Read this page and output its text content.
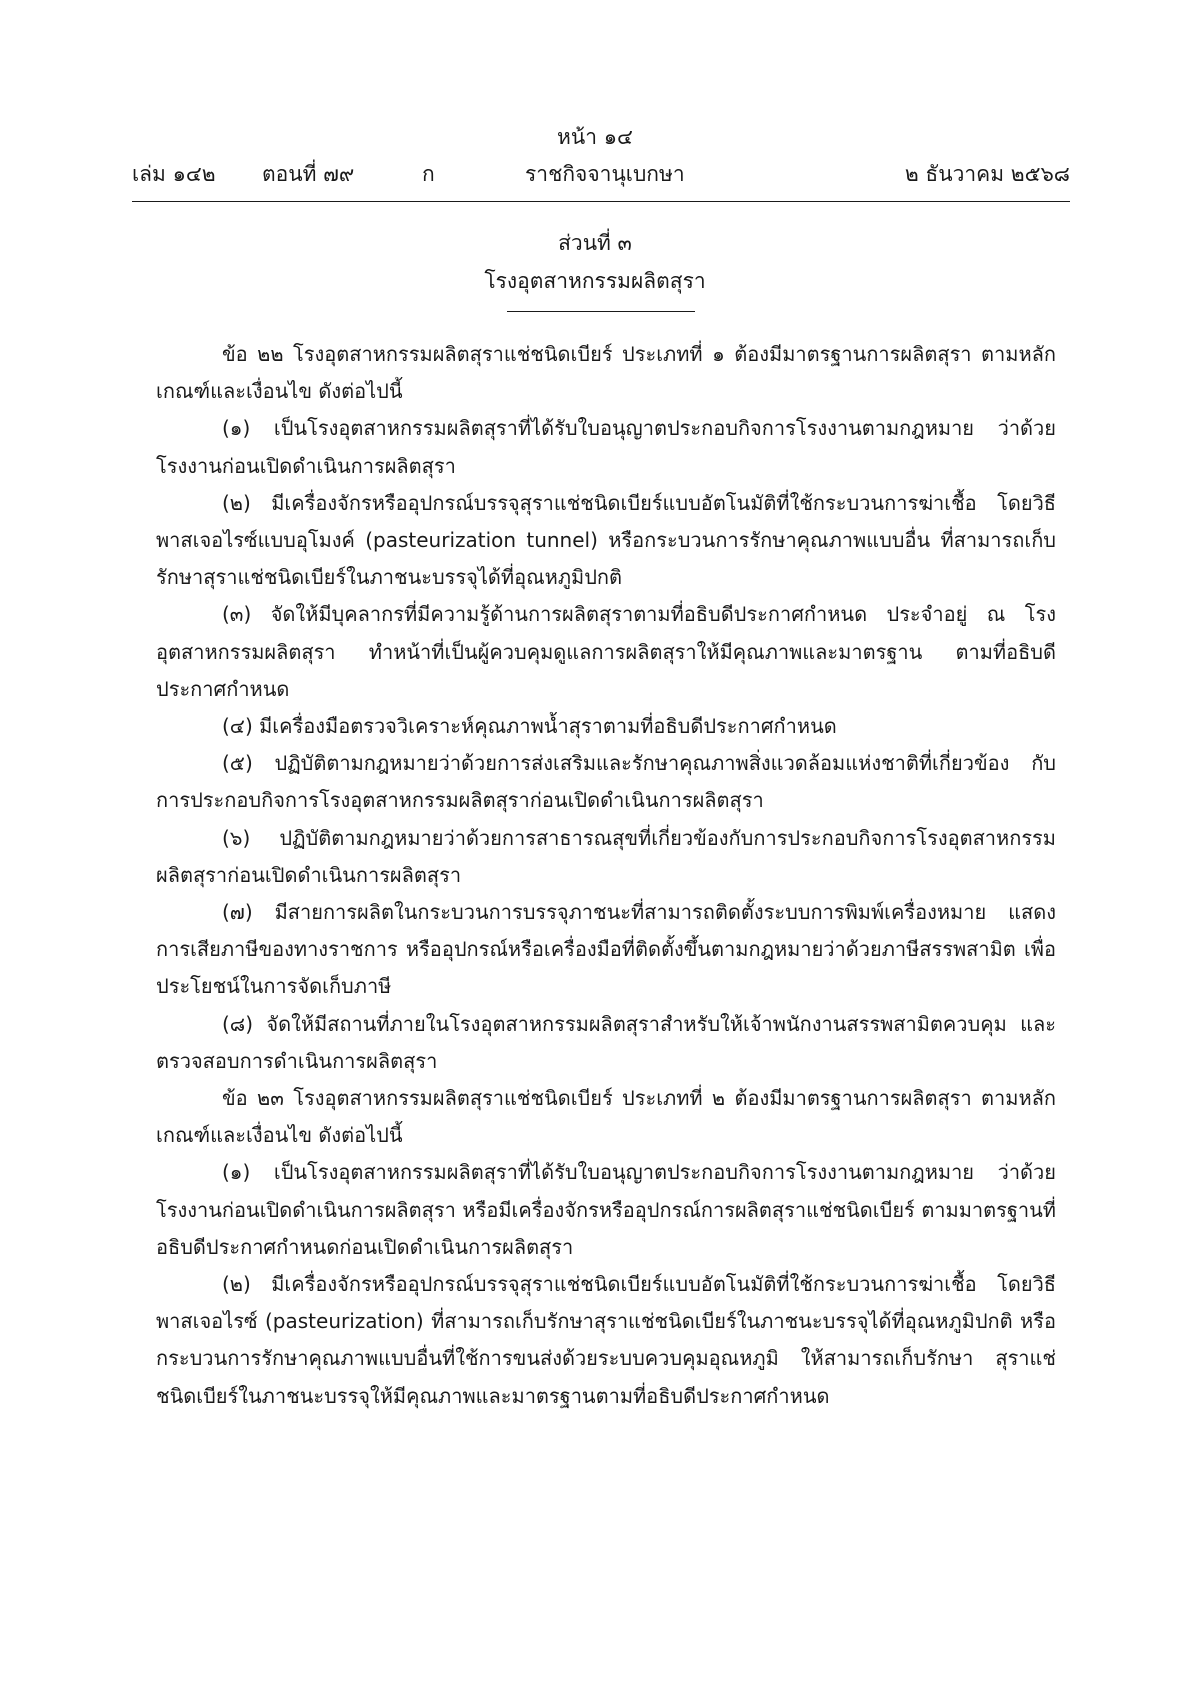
หน้า ๑๔
เล่ม ๑๔๒ ตอนที่ ๗๙	ก	ราชกิจจานุเบกษา	๒ ธันวาคม ๒๕๖๘
ส่วนที่ ๓
โรงอุตสาหกรรมผลิตสุรา

ข้อ ๒๒ โรงอุตสาหกรรมผลิตสุราแช่ชนิดเบียร์ ประเภทที่ ๑ ต้องมีมาตรฐานการผลิตสุรา ตามหลักเกณฑ์และเงื่อนไข ดังต่อไปนี้

(๑) เป็นโรงอุตสาหกรรมผลิตสุราที่ได้รับใบอนุญาตประกอบกิจการโรงงานตามกฎหมาย ว่าด้วยโรงงานก่อนเปิดดำเนินการผลิตสุรา

(๒) มีเครื่องจักรหรืออุปกรณ์บรรจุสุราแช่ชนิดเบียร์แบบอัตโนมัติที่ใช้กระบวนการฆ่าเชื้อ โดยวิธีพาสเจอไรซ์แบบอุโมงค์ (pasteurization tunnel) หรือกระบวนการรักษาคุณภาพแบบอื่น ที่สามารถเก็บรักษาสุราแช่ชนิดเบียร์ในภาชนะบรรจุได้ที่อุณหภูมิปกติ

(๓) จัดให้มีบุคลากรที่มีความรู้ด้านการผลิตสุราตามที่อธิบดีประกาศกำหนด ประจำอยู่ ณ โรงอุตสาหกรรมผลิตสุรา ทำหน้าที่เป็นผู้ควบคุมดูแลการผลิตสุราให้มีคุณภาพและมาตรฐาน ตามที่อธิบดีประกาศกำหนด

(๔) มีเครื่องมือตรวจวิเคราะห์คุณภาพน้ำสุราตามที่อธิบดีประกาศกำหนด

(๕) ปฏิบัติตามกฎหมายว่าด้วยการส่งเสริมและรักษาคุณภาพสิ่งแวดล้อมแห่งชาติที่เกี่ยวข้อง กับการประกอบกิจการโรงอุตสาหกรรมผลิตสุราก่อนเปิดดำเนินการผลิตสุรา

(๖) ปฏิบัติตามกฎหมายว่าด้วยการสาธารณสุขที่เกี่ยวข้องกับการประกอบกิจการโรงอุตสาหกรรม ผลิตสุราก่อนเปิดดำเนินการผลิตสุรา

(๗) มีสายการผลิตในกระบวนการบรรจุภาชนะที่สามารถติดตั้งระบบการพิมพ์เครื่องหมาย แสดงการเสียภาษีของทางราชการ หรืออุปกรณ์หรือเครื่องมือที่ติดตั้งขึ้นตามกฎหมายว่าด้วยภาษีสรรพสามิต เพื่อประโยชน์ในการจัดเก็บภาษี

(๘) จัดให้มีสถานที่ภายในโรงอุตสาหกรรมผลิตสุราสำหรับให้เจ้าพนักงานสรรพสามิตควบคุม และตรวจสอบการดำเนินการผลิตสุรา

ข้อ ๒๓ โรงอุตสาหกรรมผลิตสุราแช่ชนิดเบียร์ ประเภทที่ ๒ ต้องมีมาตรฐานการผลิตสุรา ตามหลักเกณฑ์และเงื่อนไข ดังต่อไปนี้

(๑) เป็นโรงอุตสาหกรรมผลิตสุราที่ได้รับใบอนุญาตประกอบกิจการโรงงานตามกฎหมาย ว่าด้วยโรงงานก่อนเปิดดำเนินการผลิตสุรา หรือมีเครื่องจักรหรืออุปกรณ์การผลิตสุราแช่ชนิดเบียร์ ตามมาตรฐานที่อธิบดีประกาศกำหนดก่อนเปิดดำเนินการผลิตสุรา

(๒) มีเครื่องจักรหรืออุปกรณ์บรรจุสุราแช่ชนิดเบียร์แบบอัตโนมัติที่ใช้กระบวนการฆ่าเชื้อ โดยวิธีพาสเจอไรซ์ (pasteurization) ที่สามารถเก็บรักษาสุราแช่ชนิดเบียร์ในภาชนะบรรจุได้ที่อุณหภูมิปกติ หรือกระบวนการรักษาคุณภาพแบบอื่นที่ใช้การขนส่งด้วยระบบควบคุมอุณหภูมิ ให้สามารถเก็บรักษา สุราแช่ชนิดเบียร์ในภาชนะบรรจุให้มีคุณภาพและมาตรฐานตามที่อธิบดีประกาศกำหนด
